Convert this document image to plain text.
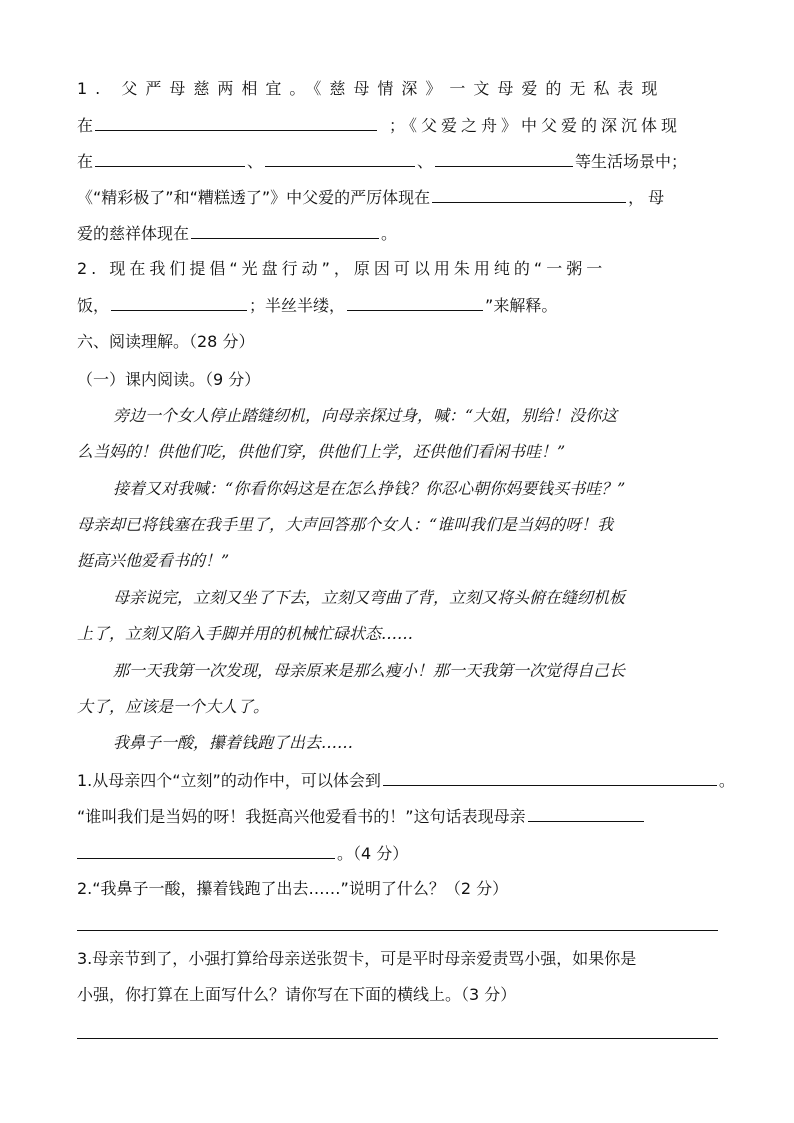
1. 父严母慈两相宜。《慈母情深》一文母爱的无私表现
在	；《父爱之舟》中父爱的深沉体现
在	、	、	等生活场景中；
《“精彩极了”和“糟糕透了”》中父爱的严厉体现在	，母
爱的慈祥体现在	。
2. 现在我们提倡“光盘行动”，原因可以用朱用纯的“一粥一
饭，	；半丝半缕，	”来解释。
六、阅读理解。（28 分）
（一）课内阅读。（9 分）
旁边一个女人停止踏缝纫机，向母亲探过身，喊：“大姐，别给！没你这
么当妈的！供他们吃，供他们穿，供他们上学，还供他们看闲书哇！”
接着又对我喊：“你看你妈这是在怎么挣钱？你忍心朝你妈要钱买书哇？”
母亲却已将钱塞在我手里了，大声回答那个女人：“谁叫我们是当妈的呀！我
挺高兴他爱看书的！”
母亲说完，立刻又坐了下去，立刻又弯曲了背，立刻又将头俯在缝纫机板
上了，立刻又陷入手脚并用的机械忙碌状态……
那一天我第一次发现，母亲原来是那么瘦小！那一天我第一次觉得自己长
大了，应该是一个大人了。
我鼻子一酸，攥着钱跑了出去……
1.从母亲四个“立刻”的动作中，可以体会到	。
“谁叫我们是当妈的呀！我挺高兴他爱看书的！”这句话表现母亲
。（4 分）
2.“我鼻子一酸，攥着钱跑了出去……”说明了什么？（2 分）
3.母亲节到了，小强打算给母亲送张贺卡，可是平时母亲爱责骂小强，如果你是
小强，你打算在上面写什么？请你写在下面的横线上。（3 分）
